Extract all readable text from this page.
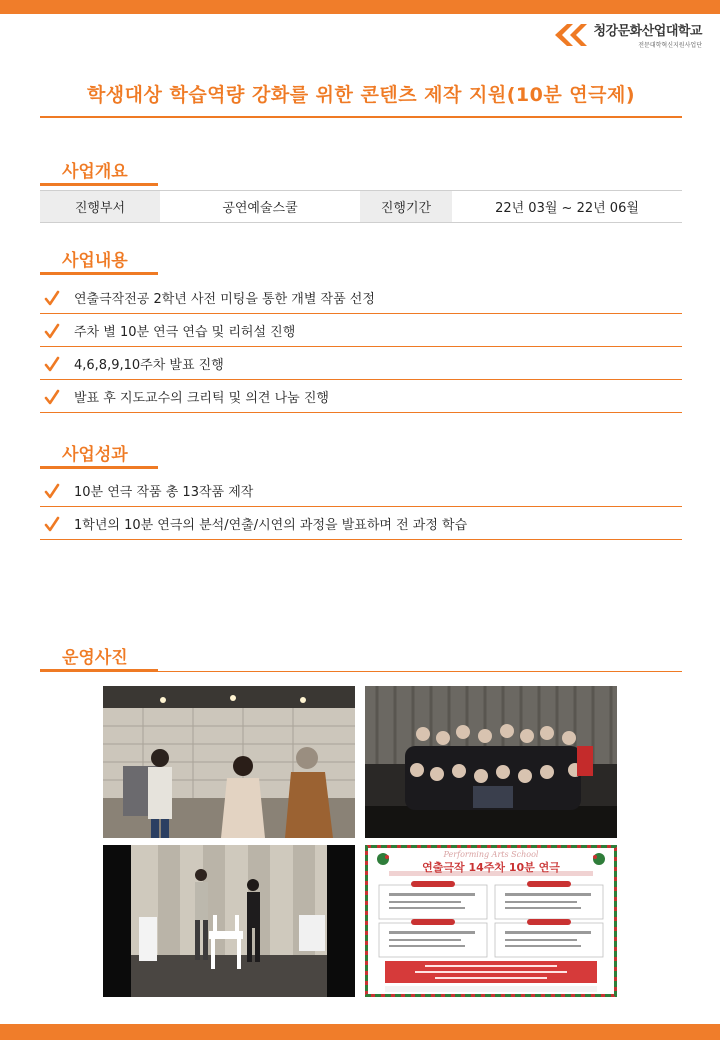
청강문화산업대학교
전문대학혁신지원사업단
학생대상 학습역량 강화를 위한 콘텐츠 제작 지원(10분 연극제)
사업개요
진행부서	공연예술스쿨	진행기간	22년 03월 ~ 22년 06월
사업내용
연출극작전공 2학년 사전 미팅을 통한 개별 작품 선정
주차 별 10분 연극 연습 및 리허설 진행
4,6,8,9,10주차 발표 진행
발표 후 지도교수의 크리틱 및 의견 나눔 진행
사업성과
10분 연극 작품 총 13작품 제작
1학년의 10분 연극의 분석/연출/시연의 과정을 발표하며 전 과정 학습
운영사진
Performing Arts School
연출극작 14주차 10분 연극
